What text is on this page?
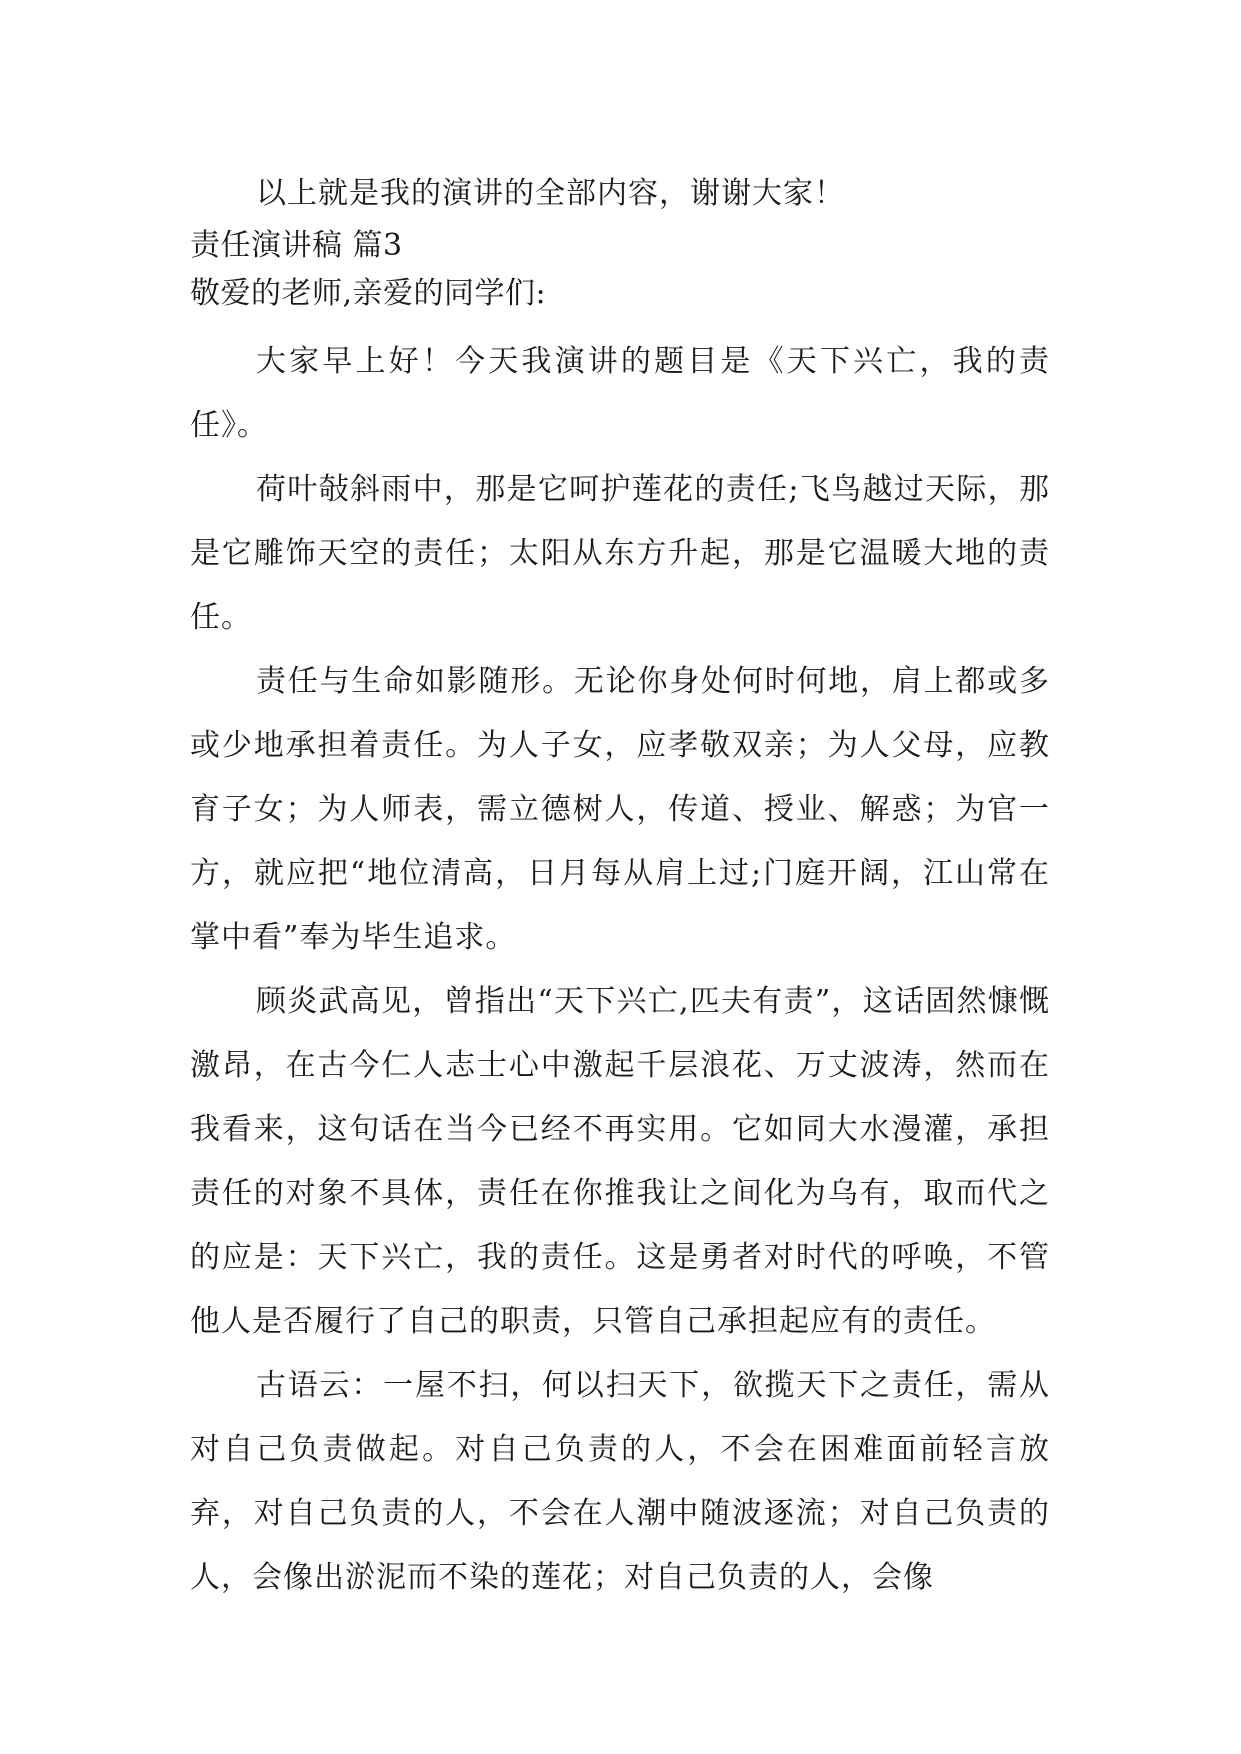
以上就是我的演讲的全部内容，谢谢大家！

责任演讲稿 篇3

敬爱的老师,亲爱的同学们:

大家早上好！今天我演讲的题目是《天下兴亡，我的责任》。

荷叶敧斜雨中，那是它呵护莲花的责任;飞鸟越过天际，那是它雕饰天空的责任；太阳从东方升起，那是它温暖大地的责任。

责任与生命如影随形。无论你身处何时何地，肩上都或多或少地承担着责任。为人子女，应孝敬双亲；为人父母，应教育子女；为人师表，需立德树人，传道、授业、解惑；为官一方，就应把“地位清高，日月每从肩上过;门庭开阔，江山常在掌中看”奉为毕生追求。

顾炎武高见，曾指出“天下兴亡,匹夫有责”，这话固然慷慨激昂，在古今仁人志士心中激起千层浪花、万丈波涛，然而在我看来，这句话在当今已经不再实用。它如同大水漫灌，承担责任的对象不具体，责任在你推我让之间化为乌有，取而代之的应是：天下兴亡，我的责任。这是勇者对时代的呼唤，不管他人是否履行了自己的职责，只管自己承担起应有的责任。

古语云：一屋不扫，何以扫天下，欲揽天下之责任，需从对自己负责做起。对自己负责的人，不会在困难面前轻言放弃，对自己负责的人，不会在人潮中随波逐流；对自己负责的人，会像出淤泥而不染的莲花；对自己负责的人，会像
